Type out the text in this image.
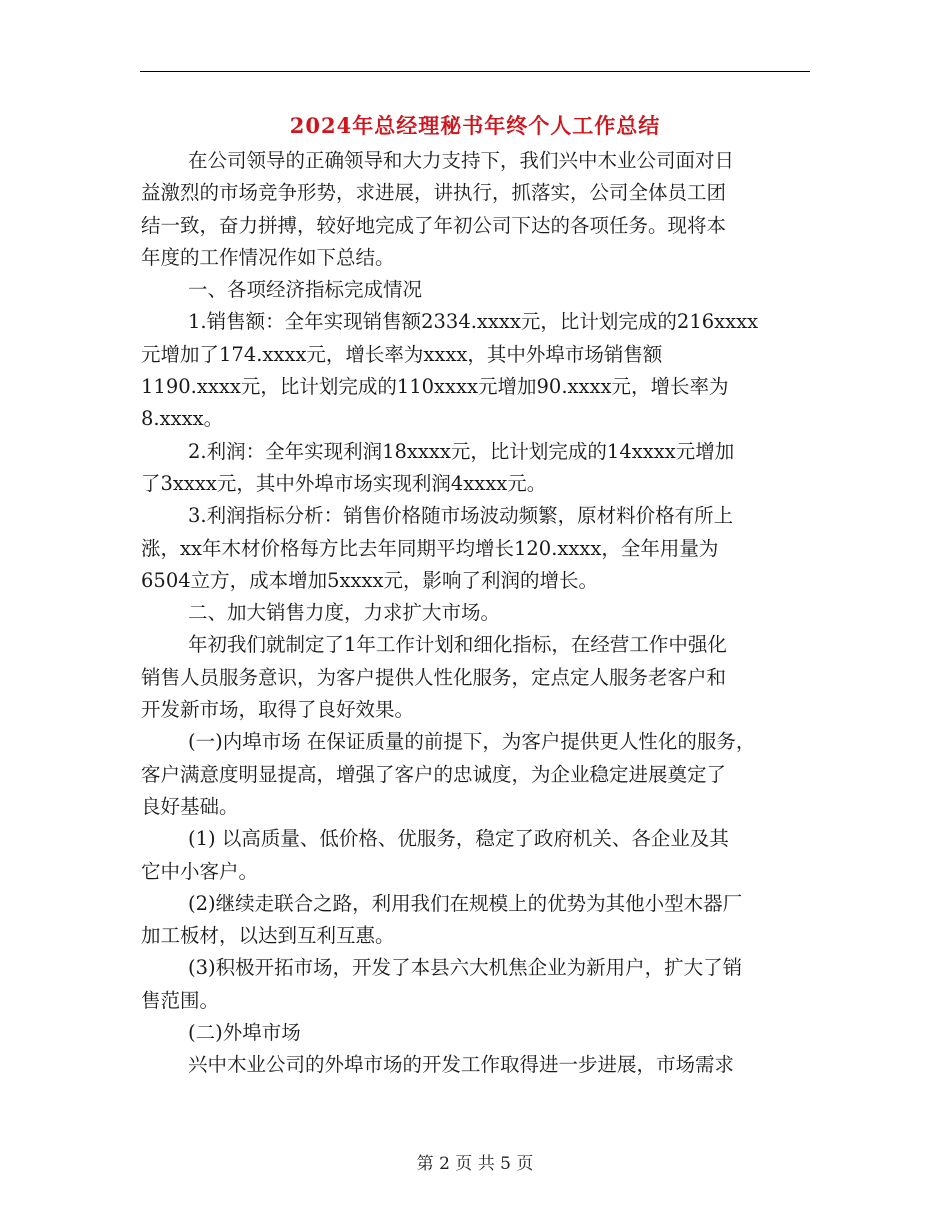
2024年总经理秘书年终个人工作总结

在公司领导的正确领导和大力支持下，我们兴中木业公司面对日

益激烈的市场竞争形势，求进展，讲执行，抓落实，公司全体员工团

结一致，奋力拼搏，较好地完成了年初公司下达的各项任务。现将本

年度的工作情况作如下总结。

一、各项经济指标完成情况

1.销售额：全年实现销售额2334.xxxx元，比计划完成的216xxxx

元增加了174.xxxx元，增长率为xxxx，其中外埠市场销售额

1190.xxxx元，比计划完成的110xxxx元增加90.xxxx元，增长率为

8.xxxx。

2.利润：全年实现利润18xxxx元，比计划完成的14xxxx元增加

了3xxxx元，其中外埠市场实现利润4xxxx元。

3.利润指标分析：销售价格随市场波动频繁，原材料价格有所上

涨，xx年木材价格每方比去年同期平均增长120.xxxx，全年用量为

6504立方，成本增加5xxxx元，影响了利润的增长。

二、加大销售力度，力求扩大市场。

年初我们就制定了1年工作计划和细化指标，在经营工作中强化

销售人员服务意识，为客户提供人性化服务，定点定人服务老客户和

开发新市场，取得了良好效果。

(一)内埠市场 在保证质量的前提下，为客户提供更人性化的服务，

客户满意度明显提高，增强了客户的忠诚度，为企业稳定进展奠定了

良好基础。

(1) 以高质量、低价格、优服务，稳定了政府机关、各企业及其

它中小客户。

(2)继续走联合之路，利用我们在规模上的优势为其他小型木器厂

加工板材，以达到互利互惠。

(3)积极开拓市场，开发了本县六大机焦企业为新用户，扩大了销

售范围。

(二)外埠市场

兴中木业公司的外埠市场的开发工作取得进一步进展，市场需求

第 2 页 共 5 页
